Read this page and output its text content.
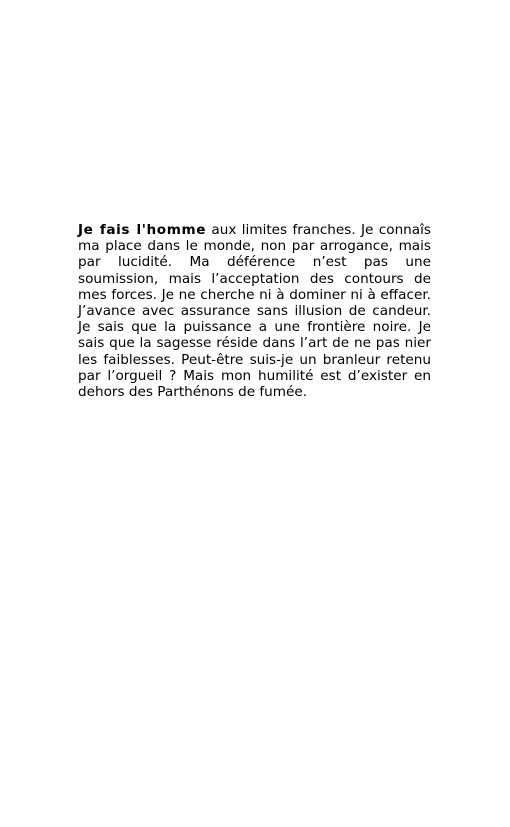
Je fais l'homme aux limites franches. Je connaîs ma place dans le monde, non par arrogance, mais par lucidité. Ma déférence n’est pas une soumission, mais l’acceptation des contours de mes forces. Je ne cherche ni à dominer ni à effacer. J’avance avec assurance sans illusion de candeur. Je sais que la puissance a une frontière noire. Je sais que la sagesse réside dans l’art de ne pas nier les faiblesses. Peut-être suis-je un branleur retenu par l’orgueil ? Mais mon humilité est d’exister en dehors des Parthénons de fumée.
